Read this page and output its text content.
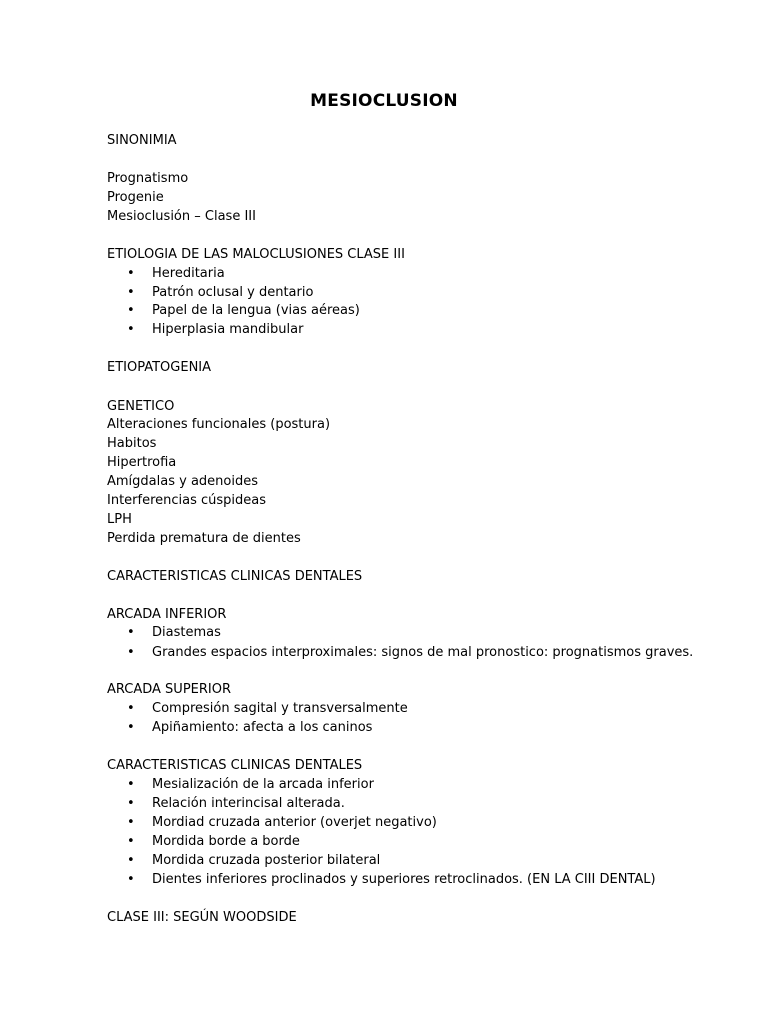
MESIOCLUSION
SINONIMIA
Prognatismo
Progenie
Mesioclusión – Clase III
ETIOLOGIA DE LAS MALOCLUSIONES CLASE III
• Hereditaria
• Patrón oclusal y dentario
• Papel de la lengua (vias aéreas)
• Hiperplasia mandibular
ETIOPATOGENIA
GENETICO
Alteraciones funcionales (postura)
Habitos
Hipertrofia
Amígdalas y adenoides
Interferencias cúspideas
LPH
Perdida prematura de dientes
CARACTERISTICAS CLINICAS DENTALES
ARCADA INFERIOR
• Diastemas
• Grandes espacios interproximales: signos de mal pronostico: prognatismos graves.
ARCADA SUPERIOR
• Compresión sagital y transversalmente
• Apiñamiento: afecta a los caninos
CARACTERISTICAS CLINICAS DENTALES
• Mesialización de la arcada inferior
• Relación interincisal alterada.
• Mordiad cruzada anterior (overjet negativo)
• Mordida borde a borde
• Mordida cruzada posterior bilateral
• Dientes inferiores proclinados y superiores retroclinados. (EN LA CIII DENTAL)
CLASE III: SEGÚN WOODSIDE
